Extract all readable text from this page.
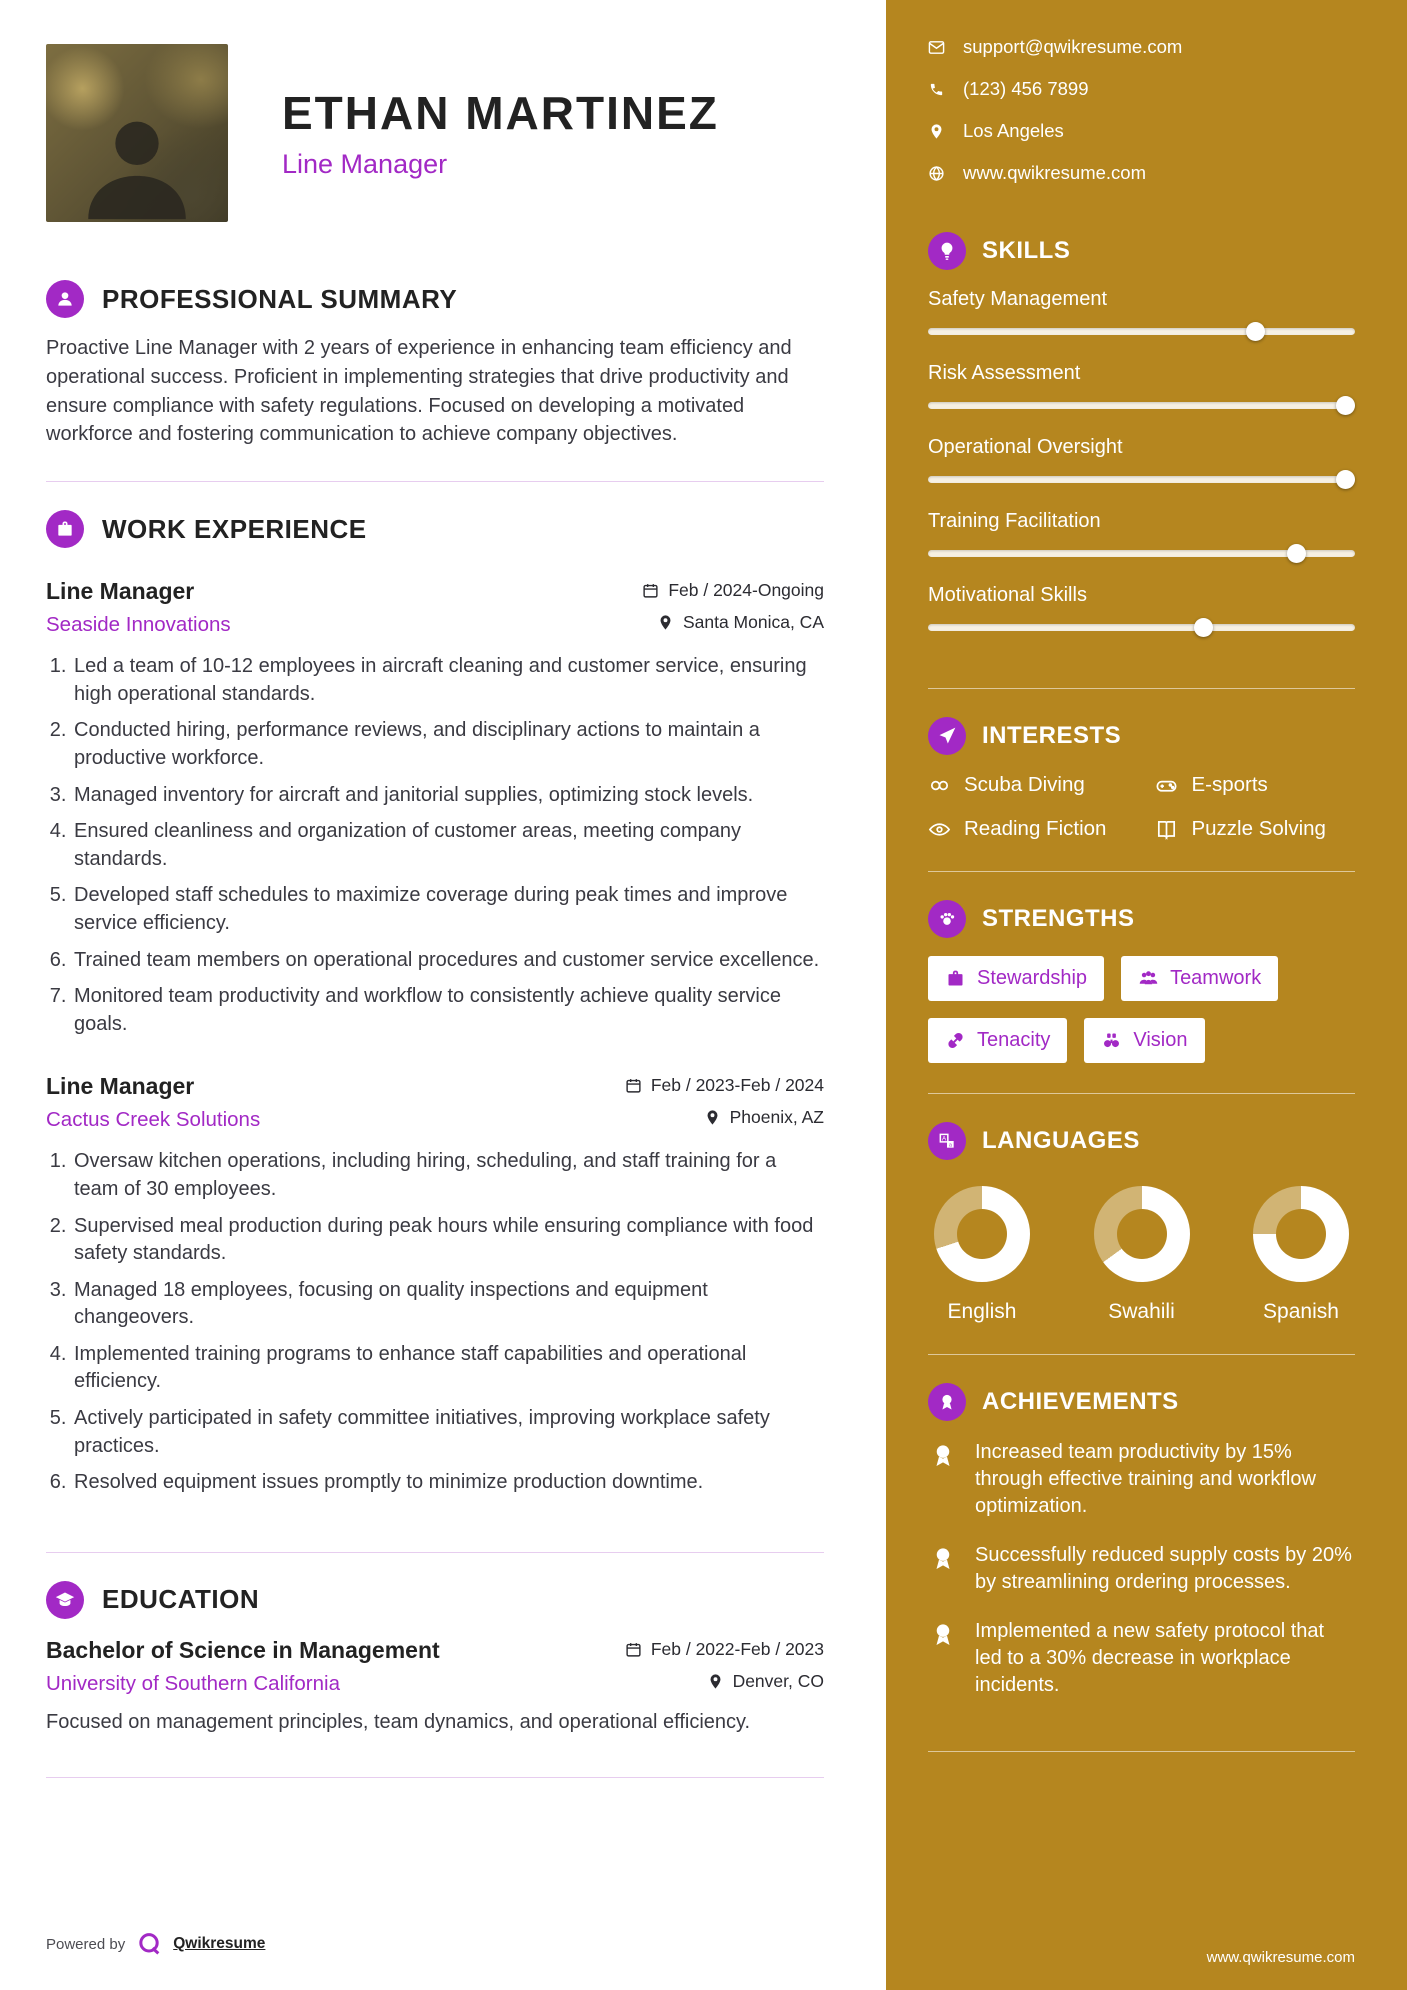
ETHAN MARTINEZ
Line Manager
PROFESSIONAL SUMMARY

Proactive Line Manager with 2 years of experience in enhancing team efficiency and operational success. Proficient in implementing strategies that drive productivity and ensure compliance with safety regulations. Focused on developing a motivated workforce and fostering communication to achieve company objectives.

WORK EXPERIENCE
Line Manager	Feb / 2024-Ongoing
Seaside Innovations	Santa Monica, CA
1. Led a team of 10-12 employees in aircraft cleaning and customer service, ensuring high operational standards.
2. Conducted hiring, performance reviews, and disciplinary actions to maintain a productive workforce.
3. Managed inventory for aircraft and janitorial supplies, optimizing stock levels.
4. Ensured cleanliness and organization of customer areas, meeting company standards.
5. Developed staff schedules to maximize coverage during peak times and improve service efficiency.
6. Trained team members on operational procedures and customer service excellence.
7. Monitored team productivity and workflow to consistently achieve quality service goals.
Line Manager	Feb / 2023-Feb / 2024
Cactus Creek Solutions	Phoenix, AZ
1. Oversaw kitchen operations, including hiring, scheduling, and staff training for a team of 30 employees.
2. Supervised meal production during peak hours while ensuring compliance with food safety standards.
3. Managed 18 employees, focusing on quality inspections and equipment changeovers.
4. Implemented training programs to enhance staff capabilities and operational efficiency.
5. Actively participated in safety committee initiatives, improving workplace safety practices.
6. Resolved equipment issues promptly to minimize production downtime.
EDUCATION
Bachelor of Science in Management	Feb / 2022-Feb / 2023
University of Southern California	Denver, CO

Focused on management principles, team dynamics, and operational efficiency.

Powered by	Qwikresume
support@qwikresume.com
(123) 456 7899
Los Angeles
www.qwikresume.com
SKILLS
Safety Management
Risk Assessment
Operational Oversight
Training Facilitation
Motivational Skills
INTERESTS
Scuba Diving	E-sports
Reading Fiction	Puzzle Solving
STRENGTHS
Stewardship	Teamwork
Tenacity	Vision
A
a LANGUAGES
English	Swahili	Spanish
ACHIEVEMENTS
Increased team productivity by 15% through effective training and workflow optimization.
Successfully reduced supply costs by 20% by streamlining ordering processes.
Implemented a new safety protocol that led to a 30% decrease in workplace incidents.
www.qwikresume.com
